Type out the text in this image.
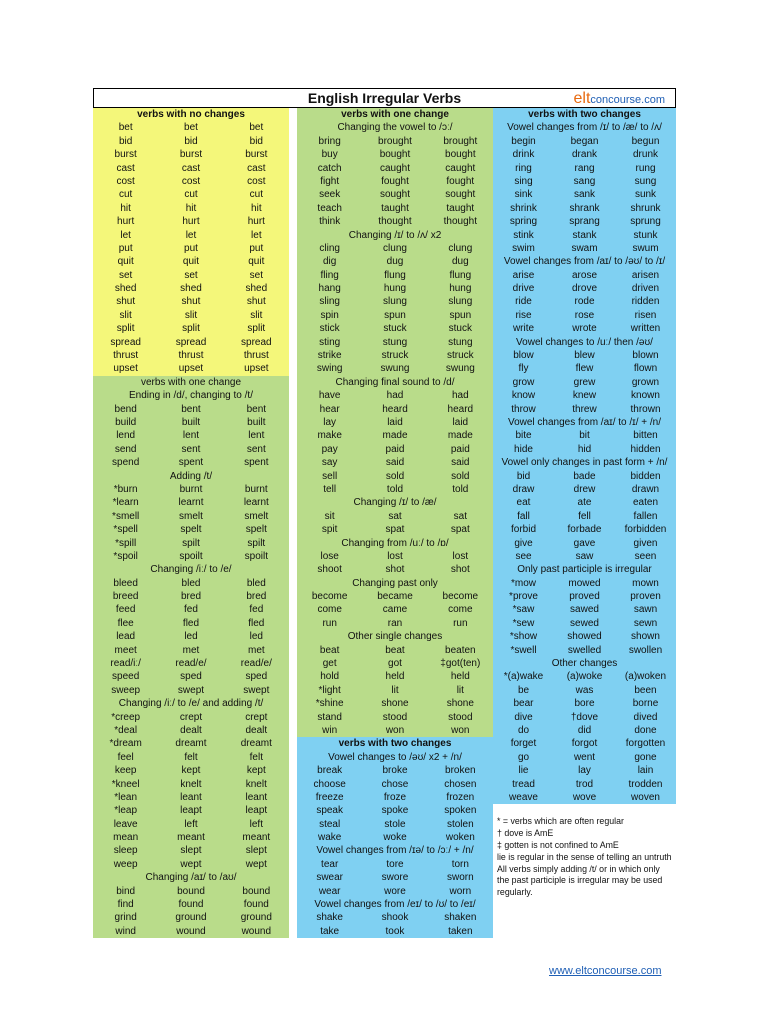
English Irregular Verbs	eltconcourse.com
verbs with no changes
bet	bet	bet
bid	bid	bid
burst	burst	burst
cast	cast	cast
cost	cost	cost
cut	cut	cut
hit	hit	hit
hurt	hurt	hurt
let	let	let
put	put	put
quit	quit	quit
set	set	set
shed	shed	shed
shut	shut	shut
slit	slit	slit
split	split	split
spread	spread	spread
thrust	thrust	thrust
upset	upset	upset
verbs with one change
Ending in /d/, changing to /t/
bend	bent	bent
build	built	built
lend	lent	lent
send	sent	sent
spend	spent	spent
Adding /t/
*burn	burnt	burnt
*learn	learnt	learnt
*smell	smelt	smelt
*spell	spelt	spelt
*spill	spilt	spilt
*spoil	spoilt	spoilt
Changing /iː/ to /e/
bleed	bled	bled
breed	bred	bred
feed	fed	fed
flee	fled	fled
lead	led	led
meet	met	met
read/iː/	read/e/	read/e/
speed	sped	sped
sweep	swept	swept
Changing /iː/ to /e/ and adding /t/
*creep	crept	crept
*deal	dealt	dealt
*dream	dreamt	dreamt
feel	felt	felt
keep	kept	kept
*kneel	knelt	knelt
*lean	leant	leant
*leap	leapt	leapt
leave	left	left
mean	meant	meant
sleep	slept	slept
weep	wept	wept
Changing /aɪ/ to /aʊ/
bind	bound	bound
find	found	found
grind	ground	ground
wind	wound	wound
verbs with one change
Changing the vowel to /ɔː/
bring	brought	brought
buy	bought	bought
catch	caught	caught
fight	fought	fought
seek	sought	sought
teach	taught	taught
think	thought	thought
Changing /ɪ/ to /ʌ/ x2
cling	clung	clung
dig	dug	dug
fling	flung	flung
hang	hung	hung
sling	slung	slung
spin	spun	spun
stick	stuck	stuck
sting	stung	stung
strike	struck	struck
swing	swung	swung
Changing final sound to /d/
have	had	had
hear	heard	heard
lay	laid	laid
make	made	made
pay	paid	paid
say	said	said
sell	sold	sold
tell	told	told
Changing /ɪ/ to /æ/
sit	sat	sat
spit	spat	spat
Changing from /uː/ to /ɒ/
lose	lost	lost
shoot	shot	shot
Changing past only
become	became	become
come	came	come
run	ran	run
Other single changes
beat	beat	beaten
get	got	‡got(ten)
hold	held	held
*light	lit	lit
*shine	shone	shone
stand	stood	stood
win	won	won
verbs with two changes
Vowel changes to /əʊ/ x2 + /n/
break	broke	broken
choose	chose	chosen
freeze	froze	frozen
speak	spoke	spoken
steal	stole	stolen
wake	woke	woken
Vowel changes from /ɪə/ to /ɔː/ + /n/
tear	tore	torn
swear	swore	sworn
wear	wore	worn
Vowel changes from /eɪ/ to /ʊ/ to /eɪ/
shake	shook	shaken
take	took	taken
verbs with two changes
Vowel changes from /ɪ/ to /æ/ to /ʌ/
begin	began	begun
drink	drank	drunk
ring	rang	rung
sing	sang	sung
sink	sank	sunk
shrink	shrank	shrunk
spring	sprang	sprung
stink	stank	stunk
swim	swam	swum
Vowel changes from /aɪ/ to /əʊ/ to /ɪ/
arise	arose	arisen
drive	drove	driven
ride	rode	ridden
rise	rose	risen
write	wrote	written
Vowel changes to /uː/ then /əʊ/
blow	blew	blown
fly	flew	flown
grow	grew	grown
know	knew	known
throw	threw	thrown
Vowel changes from /aɪ/ to /ɪ/ + /n/
bite	bit	bitten
hide	hid	hidden
Vowel only changes in past form + /n/
bid	bade	bidden
draw	drew	drawn
eat	ate	eaten
fall	fell	fallen
forbid	forbade	forbidden
give	gave	given
see	saw	seen
Only past participle is irregular
*mow	mowed	mown
*prove	proved	proven
*saw	sawed	sawn
*sew	sewed	sewn
*show	showed	shown
*swell	swelled	swollen
Other changes
*(a)wake	(a)woke	(a)woken
be	was	been
bear	bore	borne
dive	†dove	dived
do	did	done
forget	forgot	forgotten
go	went	gone
lie	lay	lain
tread	trod	trodden
weave	wove	woven
* = verbs which are often regular
† dove is AmE
‡ gotten is not confined to AmE
lie is regular in the sense of telling an untruth
All verbs simply adding /t/ or in which only the past participle is irregular may be used regularly.
www.eltconcourse.com
